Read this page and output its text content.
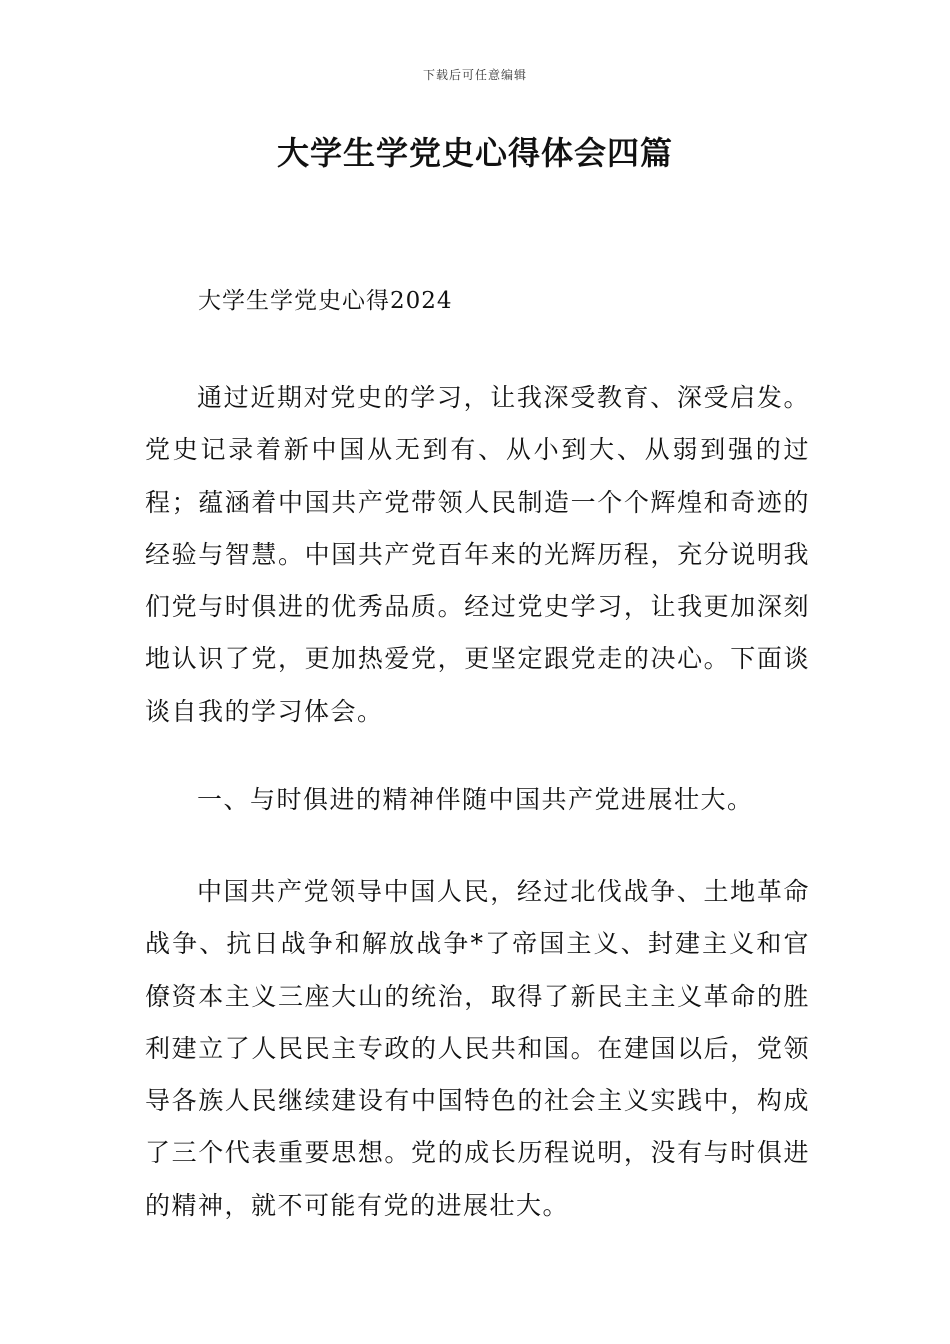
下载后可任意编辑
大学生学党史心得体会四篇
大学生学党史心得2024

通过近期对党史的学习，让我深受教育、深受启发。党史记录着新中国从无到有、从小到大、从弱到强的过程；蕴涵着中国共产党带领人民制造一个个辉煌和奇迹的经验与智慧。中国共产党百年来的光辉历程，充分说明我们党与时俱进的优秀品质。经过党史学习，让我更加深刻地认识了党，更加热爱党，更坚定跟党走的决心。下面谈谈自我的学习体会。

一、与时俱进的精神伴随中国共产党进展壮大。

中国共产党领导中国人民，经过北伐战争、土地革命战争、抗日战争和解放战争*了帝国主义、封建主义和官僚资本主义三座大山的统治，取得了新民主主义革命的胜利建立了人民民主专政的人民共和国。在建国以后，党领导各族人民继续建设有中国特色的社会主义实践中，构成了三个代表重要思想。党的成长历程说明，没有与时俱进的精神，就不可能有党的进展壮大。
